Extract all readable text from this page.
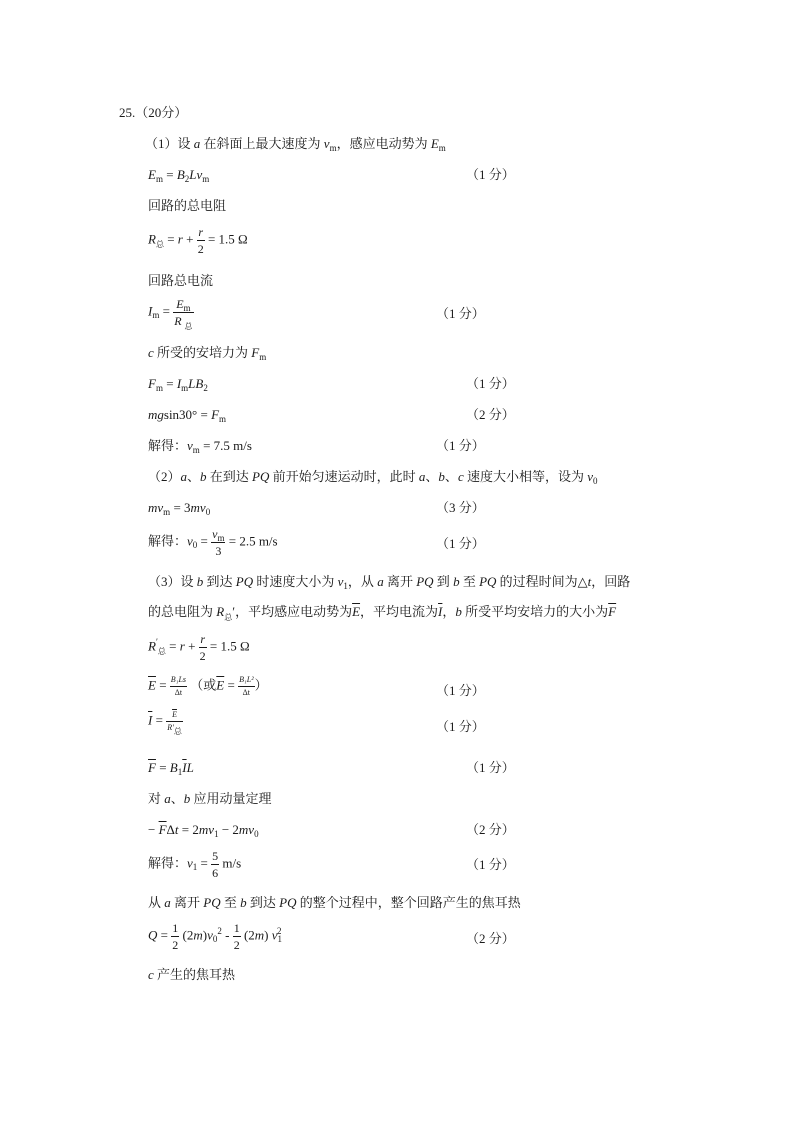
25.（20分）
（1）设 a 在斜面上最大速度为 $v_m$，感应电动势为 $E_m$
$E_m = B_2Lv_m$	（1 分）
回路的总电阻
$R_总 = r + \frac{r}{2} = 1.5$ Ω
回路总电流
$I_m = \frac{E_m}{R _总}$	（1 分）
c 所受的安培力为 $F_m$
$F_m = I_mLB_2$	（1 分）
$mgsin30^\circ = F_m$	（2 分）
解得：$v_m = 7.5$ m/s	（1 分）
（2）a、b 在到达 PQ 前开始匀速运动时，此时 a、b、c 速度大小相等，设为 $v_0$
$mv_m = 3mv_0$	（3 分）
解得：$v_0 = \frac{v_m}{3} = 2.5$ m/s	（1 分）
（3）设 b 到达 PQ 时速度大小为 $v_1$，从 a 离开 PQ 到 b 至 PQ 的过程时间为△t，回路
的总电阻为 $R_总'$，平均感应电动势为$\overline{E}$，平均电流为$\overline{I}$，b 所受平均安培力的大小为$\overline{F}$
$R'_总 = r + \frac{r}{2} = 1.5$ Ω
$\overline{E} = \frac{\text{B₁Ls}}{\Delta t}$ （或$\overline{E} = \frac{\text{B₁L²}}{\Delta t}$ ）	（1 分）
$\overline{I} = \frac{\overline{E}}{\text{R′总}}$	（1 分）
$\overline{F} = B_1\overline{I}L$	（1 分）
对 a、b 应用动量定理
− $\overline{F}\Delta t = 2mv_1 - 2mv_0$	（2 分）
解得：$v_1 = \frac{5}{6} m/s$	（1 分）
从 a 离开 PQ 至 b 到达 PQ 的整个过程中，整个回路产生的焦耳热
$Q = \frac{1}{2} (2m)v_0^2 - \frac{1}{2} (2m)$ $v_1^2$	（2 分）
c 产生的焦耳热
